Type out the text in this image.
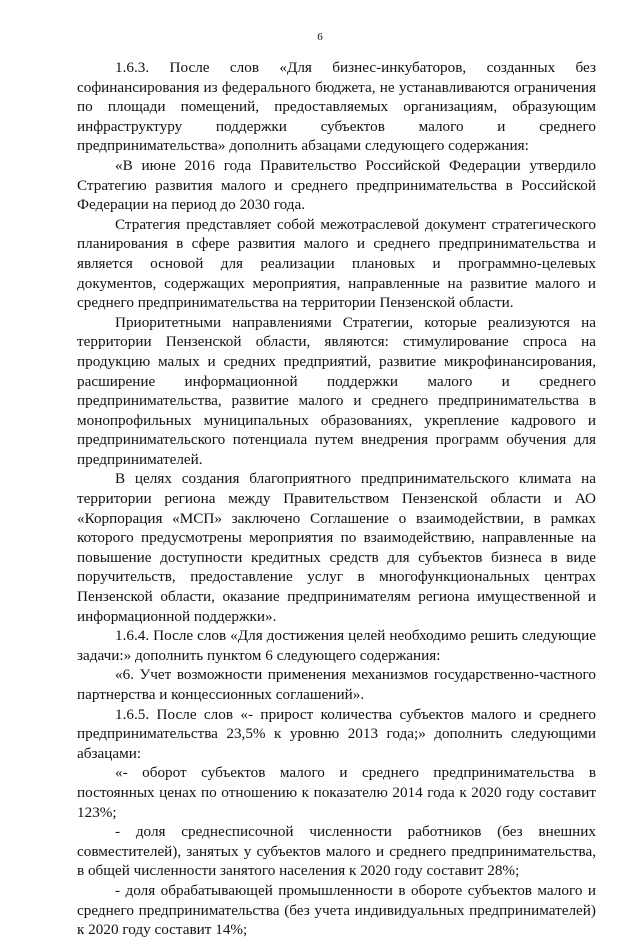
6

1.6.3. После слов «Для бизнес-инкубаторов, созданных без софинансирования из федерального бюджета, не устанавливаются ограничения по площади помещений, предоставляемых организациям, образующим инфраструктуру поддержки субъектов малого и среднего предпринимательства» дополнить абзацами следующего содержания:

«В июне 2016 года Правительство Российской Федерации утвердило Стратегию развития малого и среднего предпринимательства в Российской Федерации на период до 2030 года.

Стратегия представляет собой межотраслевой документ стратегического планирования в сфере развития малого и среднего предпринимательства и является основой для реализации плановых и программно-целевых документов, содержащих мероприятия, направленные на развитие малого и среднего предпринимательства на территории Пензенской области.

Приоритетными направлениями Стратегии, которые реализуются на территории Пензенской области, являются: стимулирование спроса на продукцию малых и средних предприятий, развитие микрофинансирования, расширение информационной поддержки малого и среднего предпринимательства, развитие малого и среднего предпринимательства в монопрофильных муниципальных образованиях, укрепление кадрового и предпринимательского потенциала путем внедрения программ обучения для предпринимателей.

В целях создания благоприятного предпринимательского климата на территории региона между Правительством Пензенской области и АО «Корпорация «МСП» заключено Соглашение о взаимодействии, в рамках которого предусмотрены мероприятия по взаимодействию, направленные на повышение доступности кредитных средств для субъектов бизнеса в виде поручительств, предоставление услуг в многофункциональных центрах Пензенской области, оказание предпринимателям региона имущественной и информационной поддержки».

1.6.4. После слов «Для достижения целей необходимо решить следующие задачи:» дополнить пунктом 6 следующего содержания:

«6. Учет возможности применения механизмов государственно-частного партнерства и концессионных соглашений».

1.6.5. После слов «- прирост количества субъектов малого и среднего предпринимательства 23,5% к уровню 2013 года;» дополнить следующими абзацами:

«- оборот субъектов малого и среднего предпринимательства в постоянных ценах по отношению к показателю 2014 года к 2020 году составит 123%;

- доля среднесписочной численности работников (без внешних совместителей), занятых у субъектов малого и среднего предпринимательства, в общей численности занятого населения к 2020 году составит 28%;

- доля обрабатывающей промышленности в обороте субъектов малого и среднего предпринимательства (без учета индивидуальных предпринимателей) к 2020 году составит 14%;
